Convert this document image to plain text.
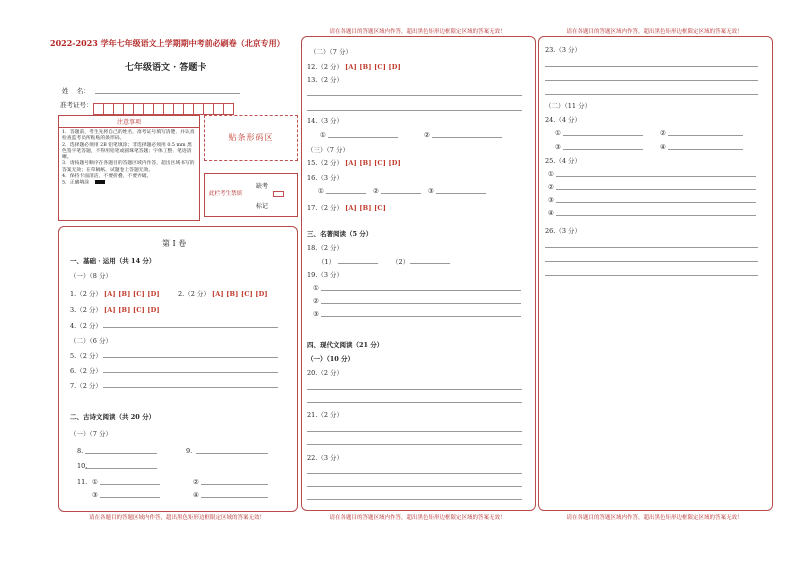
2022-2023 学年七年级语文上学期期中考前必刷卷（北京专用）
七年级语文 · 答题卡
姓    名：
准考证号：
注意事项
1．答题前，考生先将自己的姓名，准考证号填写清楚，并认真检查监考员所粘贴的条形码。
2．选择题必须用 2B 铅笔填涂；非选择题必须用 0.5 mm 黑色签字笔答题，不得用铅笔或圆珠笔答题；字体工整、笔迹清晰。
3．请按题号顺序在各题目的答题区域内作答，超出区域书写的答案无效；在草稿纸、试题卷上答题无效。
4．保持卡面清洁，不要折叠、不要弄破。
5．正确填涂
贴条形码区
此栏考生禁填
缺考
标记
请在各题目的答题区域内作答，超出黑色矩形边框限定区域的答案无效！
第 I 卷
一、基础 · 运用（共 14 分）
（一）（8 分）
1.（2 分） [A] [B] [C] [D]	2.（2 分） [A] [B] [C] [D]
3.（2 分） [A] [B] [C] [D]
4.（2 分）
（二）（6 分）
5.（2 分）
6.（2 分）
7.（2 分）
二、古诗文阅读（共 20 分）
（一）（7 分）
8.	9.
10.
11. ①	②
③	④
请在各题目的答题区域内作答，超出黑色矩形边框限定区域的答案无效！
请在各题目的答题区域内作答，超出黑色矩形边框限定区域的答案无效！
（二）（7 分）
12.（2 分） [A] [B] [C] [D]
13.（2 分）
14.（3 分）
①	②
（三）（7 分）
15.（2 分） [A] [B] [C] [D]
16.（3 分）
①	②	③
17.（2 分） [A] [B] [C]
三、名著阅读（5 分）
18.（2 分）
（1）	（2）
19.（3 分）
①
②
③
四、现代文阅读（21 分）
（一）（10 分）
20.（2 分）
21.（2 分）
22.（3 分）
请在各题目的答题区域内作答，超出黑色矩形边框限定区域的答案无效！
请在各题目的答题区域内作答，超出黑色矩形边框限定区域的答案无效！
23.（3 分）
（二）（11 分）
24.（4 分）
①	②
③	④
25.（4 分）
①
②
③
④
26.（3 分）
